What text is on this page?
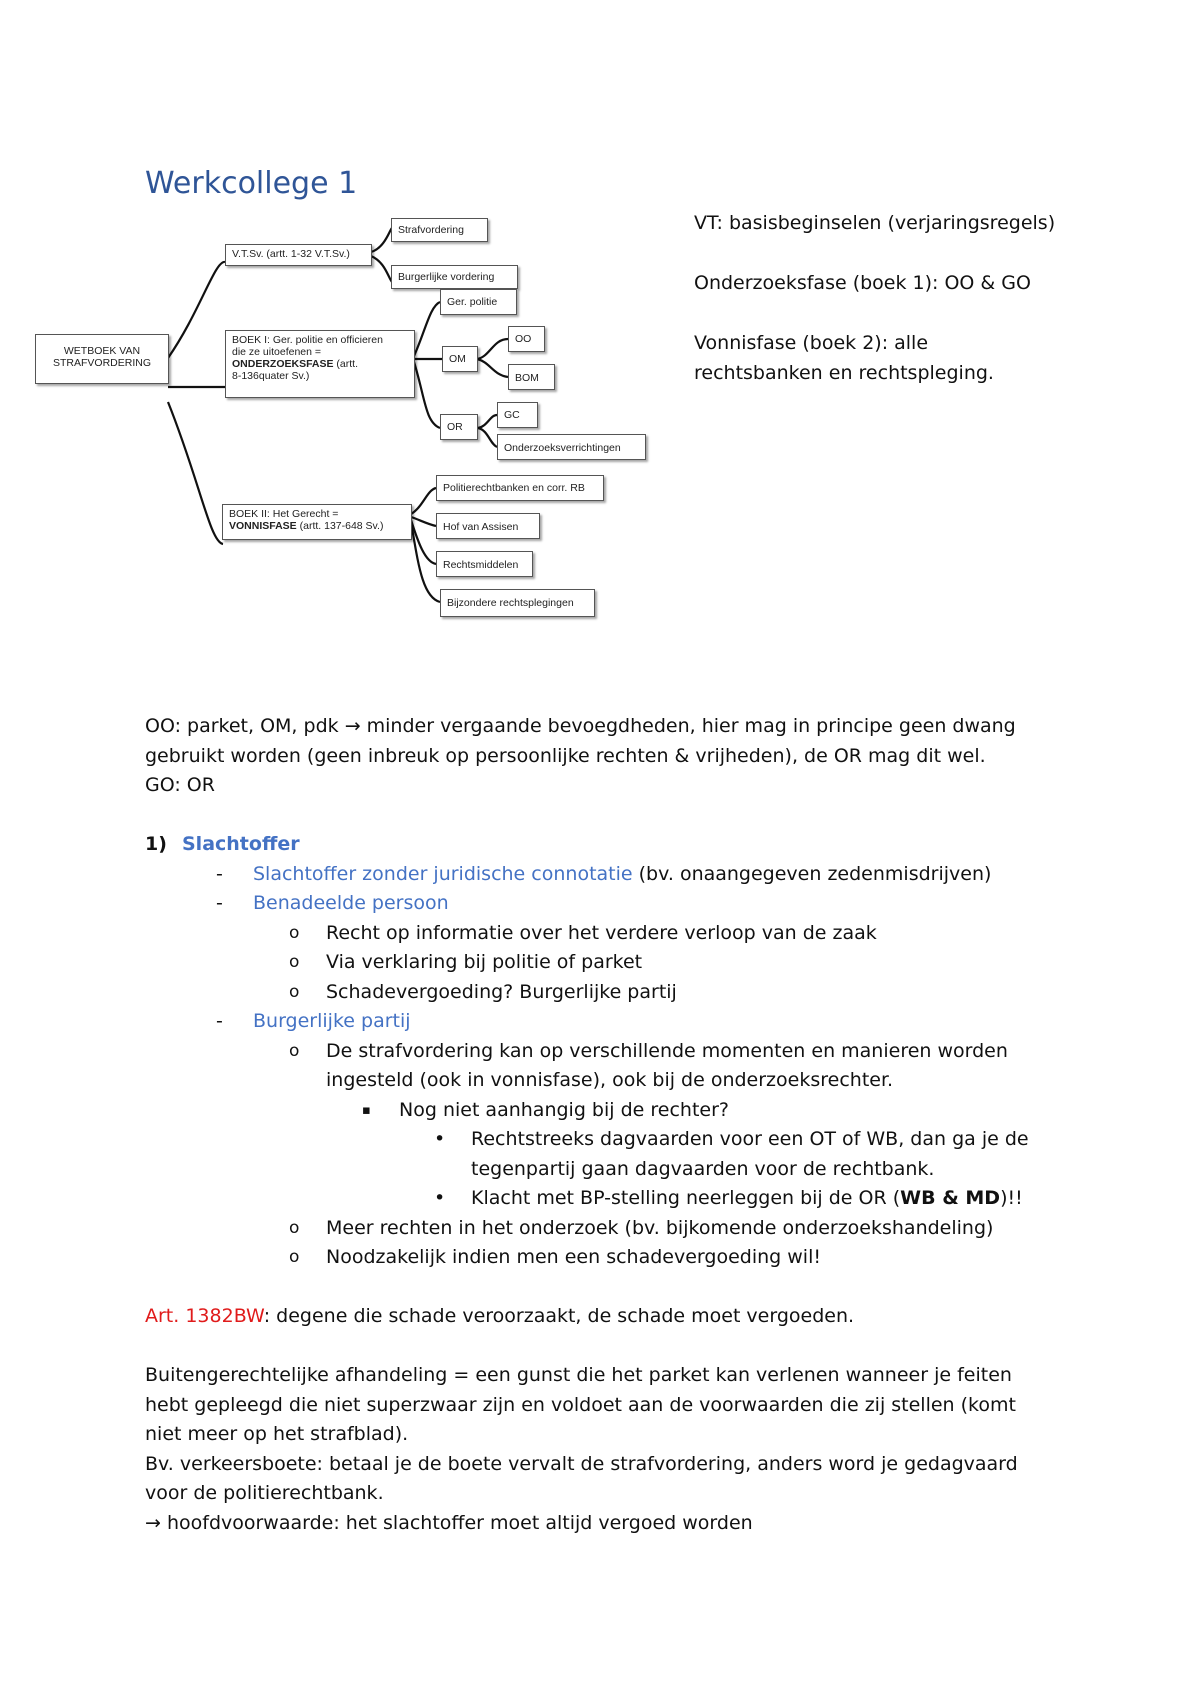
Werkcollege 1
WETBOEK VAN
STRAFVORDERING
V.T.Sv. (artt. 1-32 V.T.Sv.)
Strafvordering
Burgerlijke vordering
BOEK I: Ger. politie en officieren
die ze uitoefenen =
ONDERZOEKSFASE (artt.
8-136quater Sv.)
Ger. politie
OM
OO
BOM
OR
GC
Onderzoeksverrichtingen
BOEK II: Het Gerecht =
VONNISFASE (artt. 137-648 Sv.)
Politierechtbanken en corr. RB
Hof van Assisen
Rechtsmiddelen
Bijzondere rechtsplegingen

VT: basisbeginselen (verjaringsregels)

Onderzoeksfase (boek 1): OO & GO

Vonnisfase (boek 2): alle
rechtsbanken en rechtspleging.

OO: parket, OM, pdk → minder vergaande bevoegdheden, hier mag in principe geen dwang

gebruikt worden (geen inbreuk op persoonlijke rechten & vrijheden), de OR mag dit wel.

GO: OR

1) Slachtoffer
-	Slachtoffer zonder juridische connotatie (bv. onaangegeven zedenmisdrijven)
-	Benadeelde persoon
o	Recht op informatie over het verdere verloop van de zaak
o	Via verklaring bij politie of parket
o	Schadevergoeding? Burgerlijke partij
-	Burgerlijke partij
o	De strafvordering kan op verschillende momenten en manieren worden
ingesteld (ook in vonnisfase), ook bij de onderzoeksrechter.
▪	Nog niet aanhangig bij de rechter?
•	Rechtstreeks dagvaarden voor een OT of WB, dan ga je de
tegenpartij gaan dagvaarden voor de rechtbank.
•	Klacht met BP-stelling neerleggen bij de OR (WB & MD)!!
o	Meer rechten in het onderzoek (bv. bijkomende onderzoekshandeling)
o	Noodzakelijk indien men een schadevergoeding wil!

Art. 1382BW: degene die schade veroorzaakt, de schade moet vergoeden.

Buitengerechtelijke afhandeling = een gunst die het parket kan verlenen wanneer je feiten

hebt gepleegd die niet superzwaar zijn en voldoet aan de voorwaarden die zij stellen (komt

niet meer op het strafblad).

Bv. verkeersboete: betaal je de boete vervalt de strafvordering, anders word je gedagvaard

voor de politierechtbank.

→ hoofdvoorwaarde: het slachtoffer moet altijd vergoed worden
